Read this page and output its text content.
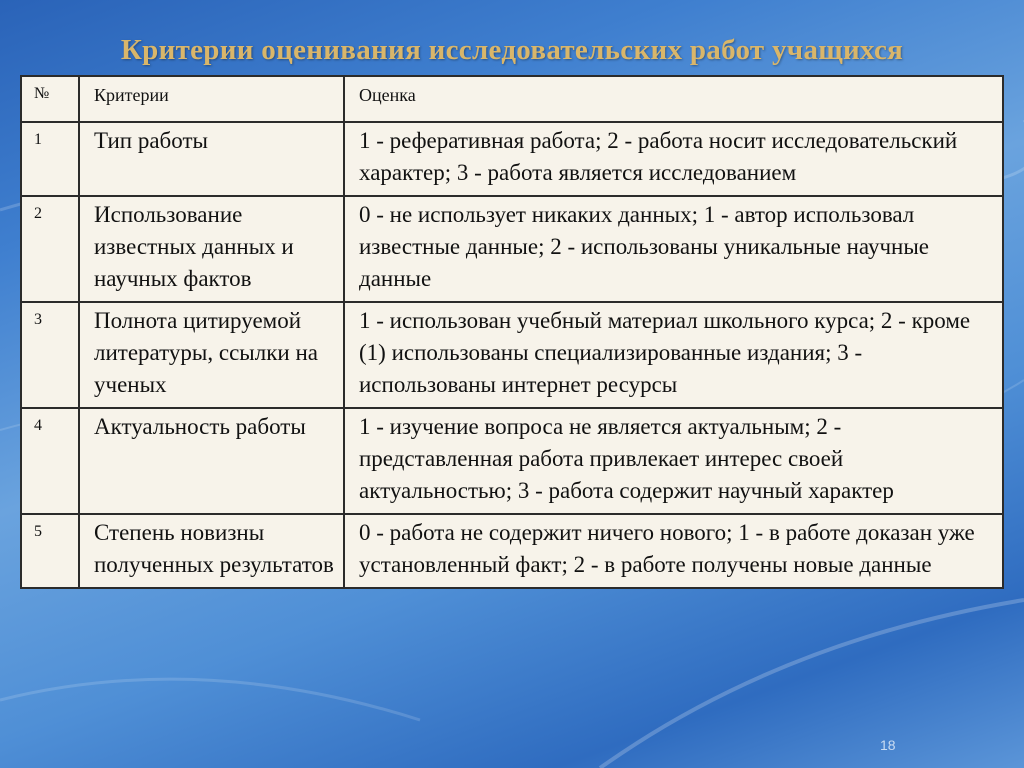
Критерии оценивания исследовательских работ учащихся
№	Критерии	Оценка
1	Тип работы	1 - реферативная работа; 2 - работа носит исследовательский характер; 3 - работа является исследованием
2	Использование известных данных и научных фактов	0 - не использует никаких данных; 1 - автор использовал известные данные; 2 - использованы уникальные научные данные
3	Полнота цитируемой литературы, ссылки на ученых	1 - использован учебный материал школьного курса; 2 - кроме (1) использованы специализированные издания; 3 - использованы интернет ресурсы
4	Актуальность работы	1 - изучение вопроса не является актуальным; 2 - представленная работа привлекает интерес своей актуальностью; 3 - работа содержит научный характер
5	Степень новизны полученных результатов	0 - работа не содержит ничего нового; 1 - в работе доказан уже установленный факт; 2 - в работе получены новые данные
18
